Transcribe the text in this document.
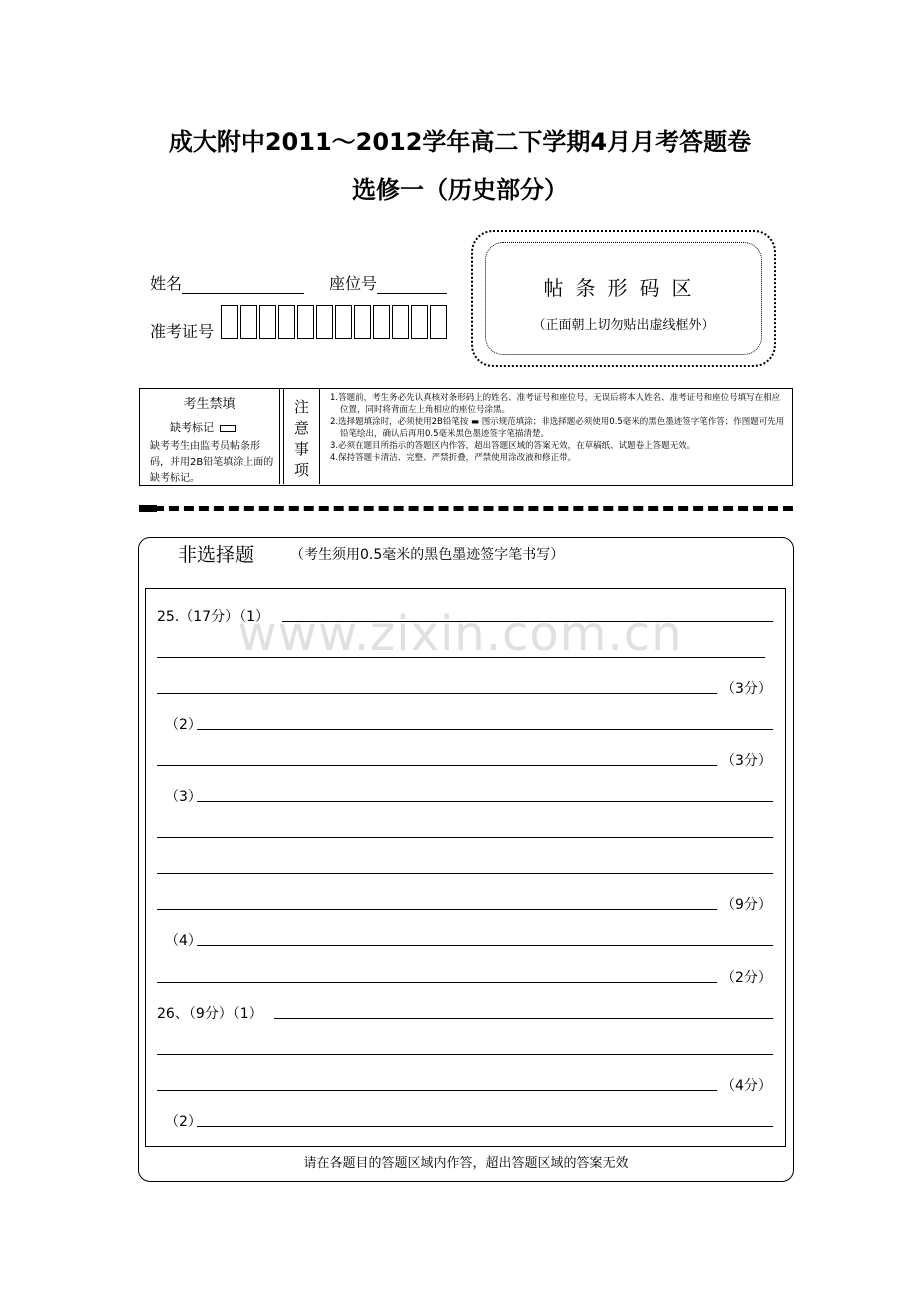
成大附中2011～2012学年高二下学期4月月考答题卷
选修一（历史部分）
姓名	座位号
准考证号
帖条形码区
（正面朝上切勿贴出虚线框外）
考生禁填
缺考标记
缺考考生由监考员帖条形码，并用2B铅笔填涂上面的缺考标记。
注
意
事
项
1.答题前，考生务必先认真核对条形码上的姓名、准考证号和座位号，无误后将本人姓名、准考证号和座位号填写在相应位置，同时将背面左上角相应的座位号涂黑。
2.选择题填涂时，必须使用2B铅笔按 ▬ 图示规范填涂；非选择题必须使用0.5毫米的黑色墨迹签字笔作答；作图题可先用铅笔绘出，确认后再用0.5毫米黑色墨迹签字笔描清楚。
3.必须在题目所指示的答题区内作答，超出答题区域的答案无效，在草稿纸、试题卷上答题无效。
4.保持答题卡清洁、完整、严禁折叠，严禁使用涂改液和修正带。
非选择题	（考生须用0.5毫米的黑色墨迹签字笔书写）
www.zixin.com.cn
25.（17分）（1）
（3分）
（2）
（3分）
（3）
（9分）
（4）
（2分）
26、（9分）（1）
（4分）
（2）
请在各题目的答题区域内作答，超出答题区域的答案无效
